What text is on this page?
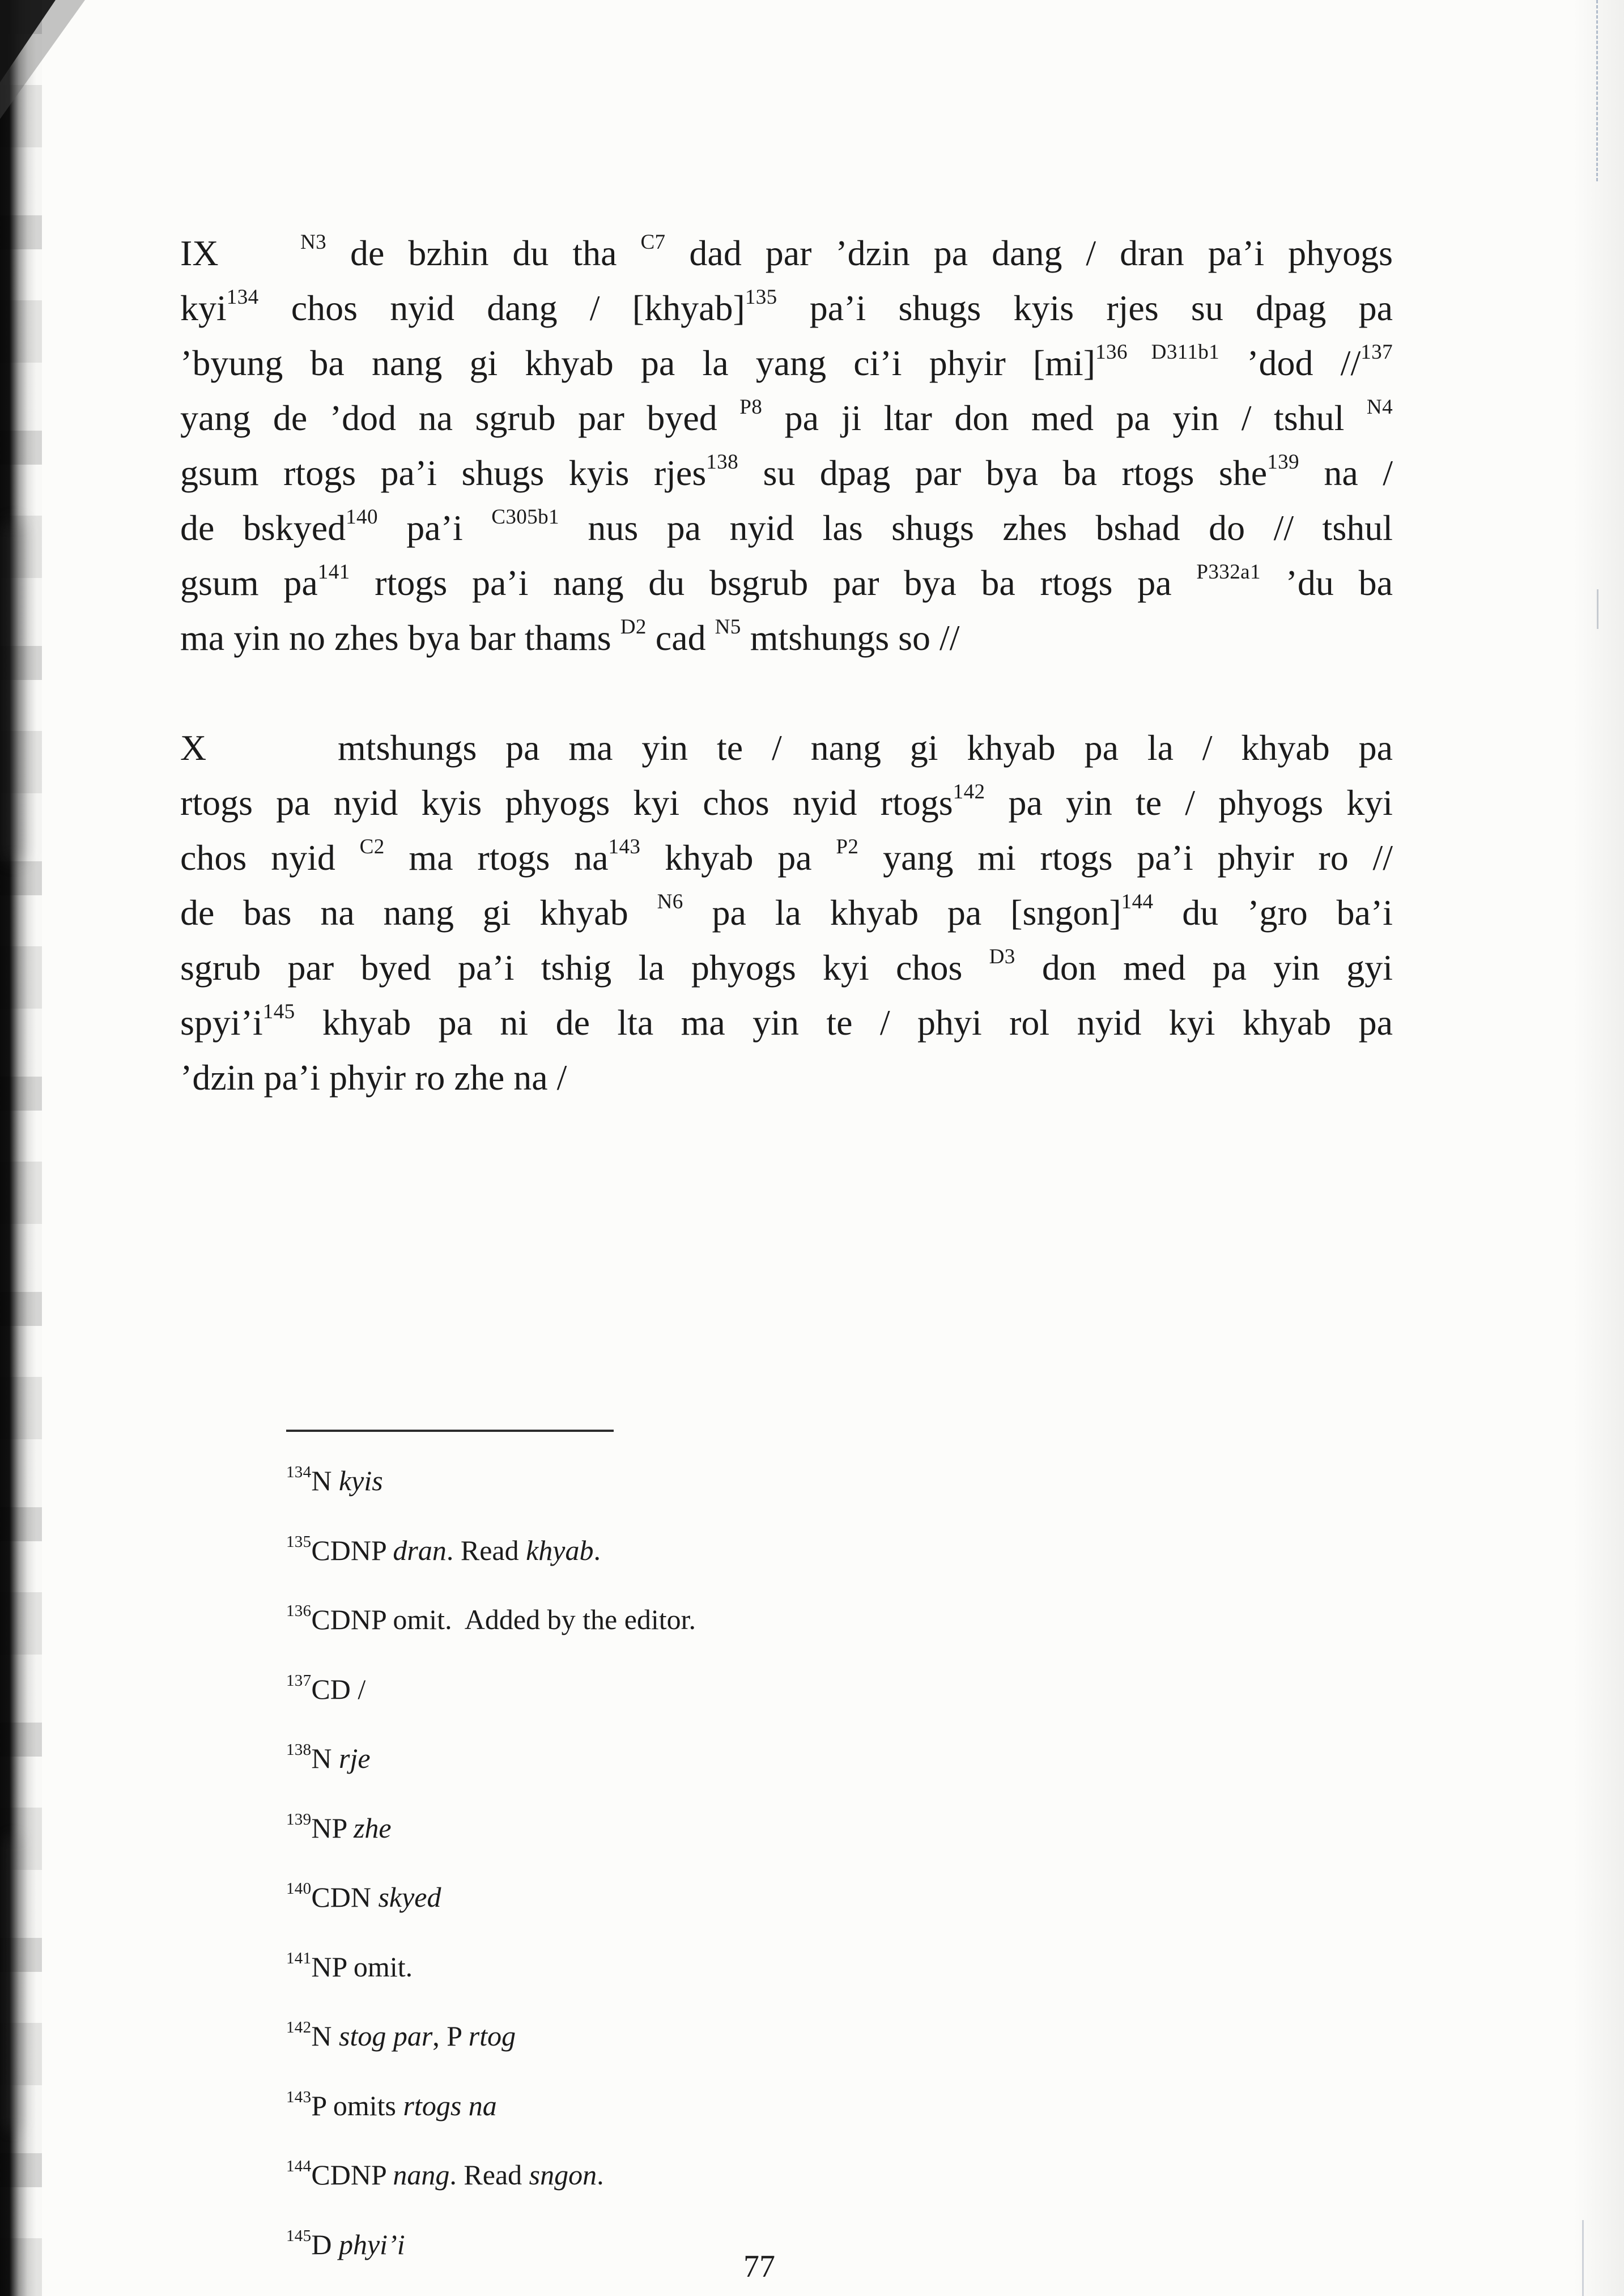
IX	$^{N3}$ de bzhin du tha $^{C7}$ dad par ’dzin pa dang / dran pa’i phyogs
kyi$^{134}$ chos nyid dang / [khyab]$^{135}$ pa’i shugs kyis rjes su dpag pa
’byung ba nang gi khyab pa la yang ci’i phyir [mi]$^{136 D311b1}$ ’dod //$^{137}$
yang de ’dod na sgrub par byed $^{P8}$ pa ji ltar don med pa yin / tshul $^{N4}$
gsum rtogs pa’i shugs kyis rjes$^{138}$ su dpag par bya ba rtogs she$^{139}$ na /
de bskyed$^{140}$ pa’i $^{C305b1}$ nus pa nyid las shugs zhes bshad do // tshul
gsum pa$^{141}$ rtogs pa’i nang du bsgrub par bya ba rtogs pa $^{P332a1}$ ’du ba
ma yin no zhes bya bar thams $^{D2}$ cad $^{N5}$ mtshungs so //
X	mtshungs pa ma yin te / nang gi khyab pa la / khyab pa
rtogs pa nyid kyis phyogs kyi chos nyid rtogs$^{142}$ pa yin te / phyogs kyi
chos nyid $^{C2}$ ma rtogs na$^{143}$ khyab pa $^{P2}$ yang mi rtogs pa’i phyir ro //
de bas na nang gi khyab $^{N6}$ pa la khyab pa [sngon]$^{144}$ du ’gro ba’i
sgrub par byed pa’i tshig la phyogs kyi chos $^{D3}$ don med pa yin gyi
spyi’i$^{145}$ khyab pa ni de lta ma yin te / phyi rol nyid kyi khyab pa
’dzin pa’i phyir ro zhe na /
$^{134}$N kyis
$^{135}$CDNP dran. Read khyab.
$^{136}$CDNP omit.  Added by the editor.
$^{137}$CD /
$^{138}$N rje
$^{139}$NP zhe
$^{140}$CDN skyed
$^{141}$NP omit.
$^{142}$N stog par, P rtog
$^{143}$P omits rtogs na
$^{144}$CDNP nang. Read sngon.
$^{145}$D phyi’i
77
